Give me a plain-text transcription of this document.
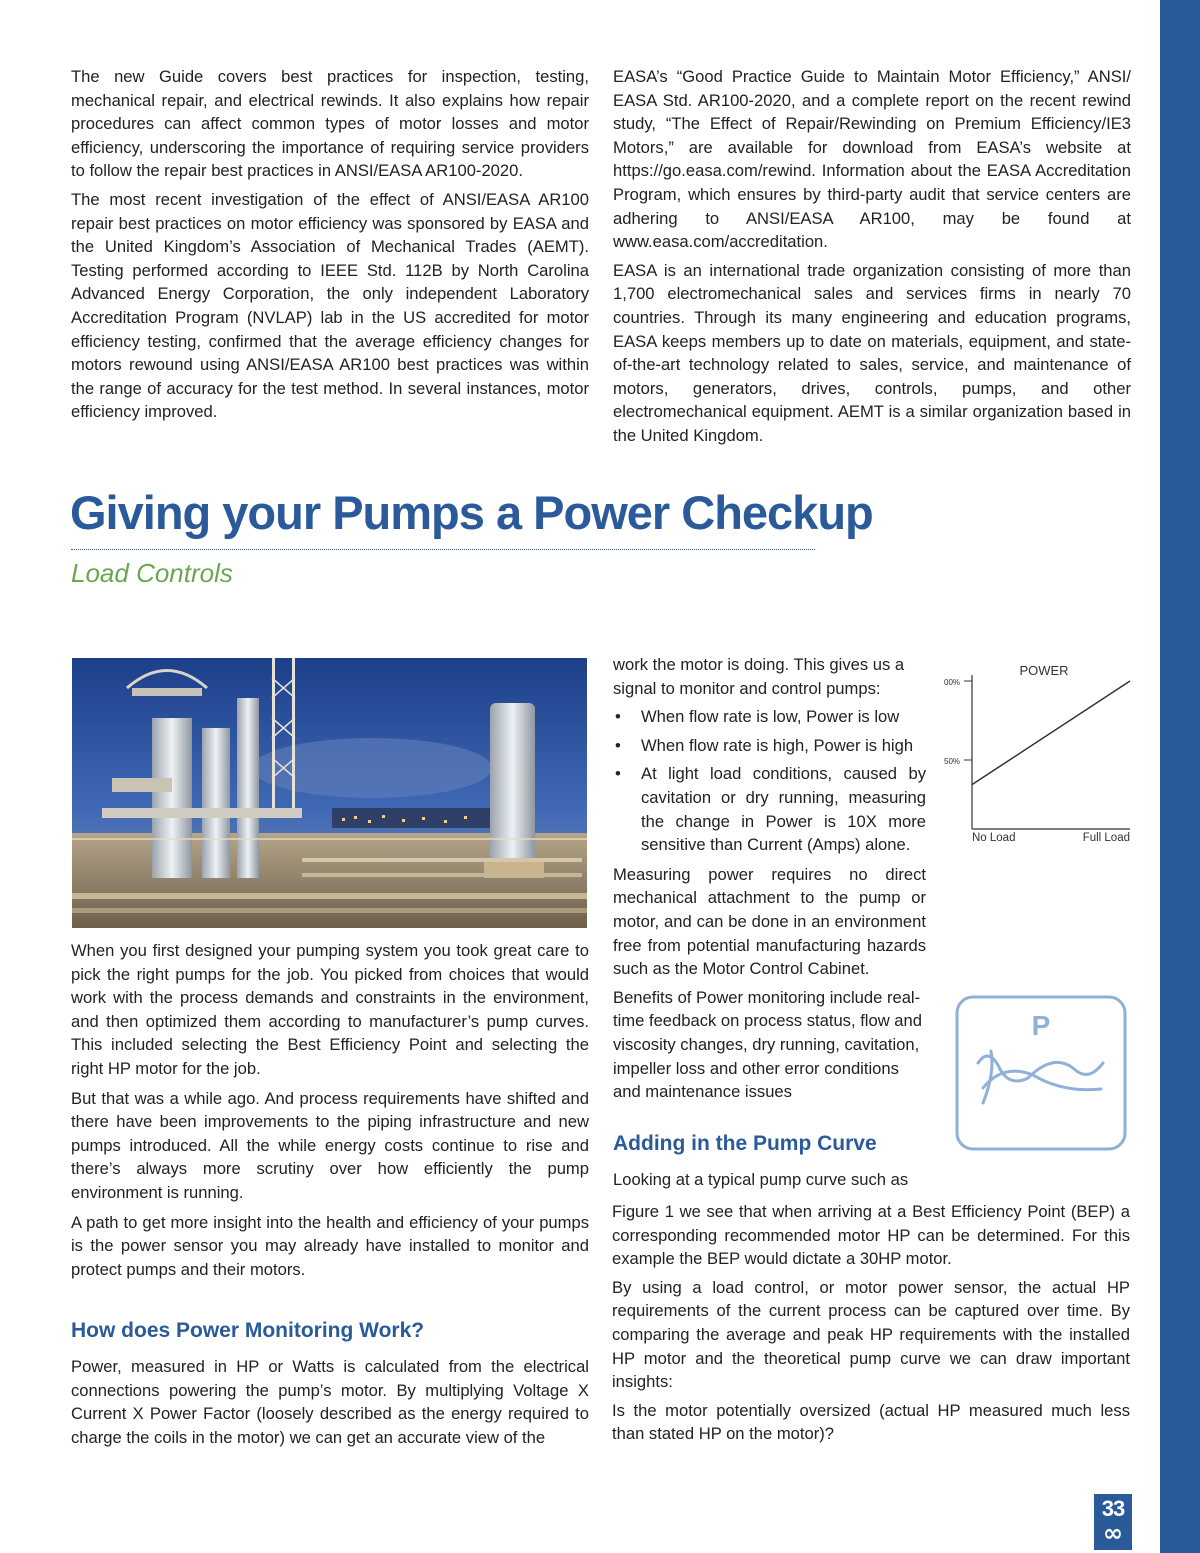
33
∞

The new Guide covers best practices for inspection, testing, mechanical repair, and electrical rewinds. It also explains how repair procedures can affect common types of motor losses and motor efficiency, underscoring the importance of requiring service providers to follow the repair best practices in ANSI/EASA AR100-2020.

The most recent investigation of the effect of ANSI/EASA AR100 repair best practices on motor efficiency was sponsored by EASA and the United Kingdom’s Association of Mechanical Trades (AEMT). Testing performed according to IEEE Std. 112B by North Carolina Advanced Energy Corporation, the only independent Laboratory Accreditation Program (NVLAP) lab in the US accredited for motor efficiency testing, confirmed that the average efficiency changes for motors rewound using ANSI/EASA AR100 best practices was within the range of accuracy for the test method. In several instances, motor efficiency improved.

EASA’s “Good Practice Guide to Maintain Motor Efficiency,” ANSI/ EASA Std. AR100-2020, and a complete report on the recent rewind study, “The Effect of Repair/Rewinding on Premium Efficiency/IE3 Motors,” are available for download from EASA’s website at https://go.easa.com/rewind. Information about the EASA Accreditation Program, which ensures by third-party audit that service centers are adhering to ANSI/EASA AR100, may be found at www.easa.com/accreditation.

EASA is an international trade organization consisting of more than 1,700 electromechanical sales and services firms in nearly 70 countries. Through its many engineering and education programs, EASA keeps members up to date on materials, equipment, and state-of-the-art technology related to sales, service, and maintenance of motors, generators, drives, controls, pumps, and other electromechanical equipment. AEMT is a similar organization based in the United Kingdom.

Giving your Pumps a Power Checkup
Load Controls

When you first designed your pumping system you took great care to pick the right pumps for the job. You picked from choices that would work with the process demands and constraints in the environment, and then optimized them according to manufacturer’s pump curves. This included selecting the Best Efficiency Point and selecting the right HP motor for the job.

But that was a while ago. And process requirements have shifted and there have been improvements to the piping infrastructure and new pumps introduced. All the while energy costs continue to rise and there’s always more scrutiny over how efficiently the pump environment is running.

A path to get more insight into the health and efficiency of your pumps is the power sensor you may already have installed to monitor and protect pumps and their motors.

How does Power Monitoring Work?

Power, measured in HP or Watts is calculated from the electrical connections powering the pump’s motor. By multiplying Voltage X Current X Power Factor (loosely described as the energy required to charge the coils in the motor) we can get an accurate view of the

work the motor is doing. This gives us a signal to monitor and control pumps:

• When flow rate is low, Power is low
• When flow rate is high, Power is high
• At light load conditions, caused by cavitation or dry running, measuring the change in Power is 10X more sensitive than Current (Amps) alone.

Measuring power requires no direct mechanical attachment to the pump or motor, and can be done in an environment free from potential manufacturing hazards such as the Motor Control Cabinet.

Benefits of Power monitoring include real-time feedback on process status, flow and viscosity changes, dry running, cavitation, impeller loss and other error conditions and maintenance issues

Adding in the Pump Curve

Looking at a typical pump curve such as

Figure 1 we see that when arriving at a Best Efficiency Point (BEP) a corresponding recommended motor HP can be determined. For this example the BEP would dictate a 30HP motor.

By using a load control, or motor power sensor, the actual HP requirements of the current process can be captured over time. By comparing the average and peak HP requirements with the installed HP motor and the theoretical pump curve we can draw important insights:

Is the motor potentially oversized (actual HP measured much less than stated HP on the motor)?

POWER
00%
50%
No Load	Full Load
P
